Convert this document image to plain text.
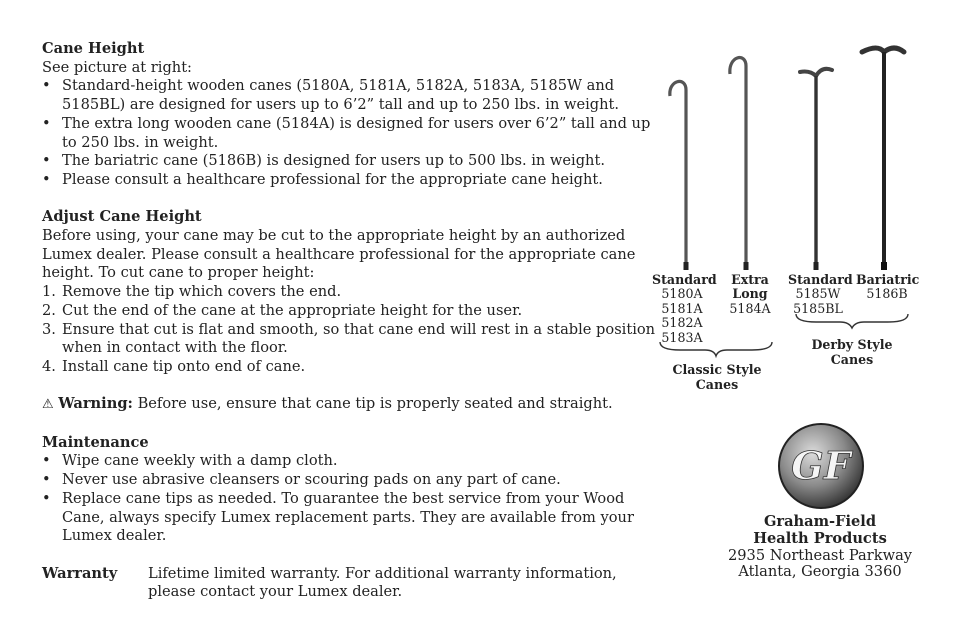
Cane Height

See picture at right:

• Standard-height wooden canes (5180A, 5181A, 5182A, 5183A, 5185W and 5185BL) are designed for users up to 6’2” tall and up to 250 lbs. in weight.
• The extra long wooden cane (5184A) is designed for users over 6’2” tall and up to 250 lbs. in weight.
• The bariatric cane (5186B) is designed for users up to 500 lbs. in weight.
• Please consult a healthcare professional for the appropriate cane height.

Adjust Cane Height

Before using, your cane may be cut to the appropriate height by an authorized Lumex dealer. Please consult a healthcare professional for the appropriate cane height. To cut cane to proper height:

1. Remove the tip which covers the end.
2. Cut the end of the cane at the appropriate height for the user.
3. Ensure that cut is flat and smooth, so that cane end will rest in a stable position when in contact with the floor.
4. Install cane tip onto end of cane.

⚠ Warning: Before use, ensure that cane tip is properly seated and straight.

Maintenance

• Wipe cane weekly with a damp cloth.
• Never use abrasive cleansers or scouring pads on any part of cane.
• Replace cane tips as needed. To guarantee the best service from your Wood Cane, always specify Lumex replacement parts. They are available from your Lumex dealer.
Warranty	Lifetime limited warranty. For additional warranty information, please contact your Lumex dealer.
Standard
5180A
5181A
5182A
5183A
Extra Long
5184A
Standard
5185W
5185BL
Bariatric
5186B
Classic Style Canes
Derby Style Canes
GF
Graham-Field
Health Products
2935 Northeast Parkway
Atlanta, Georgia 3360
